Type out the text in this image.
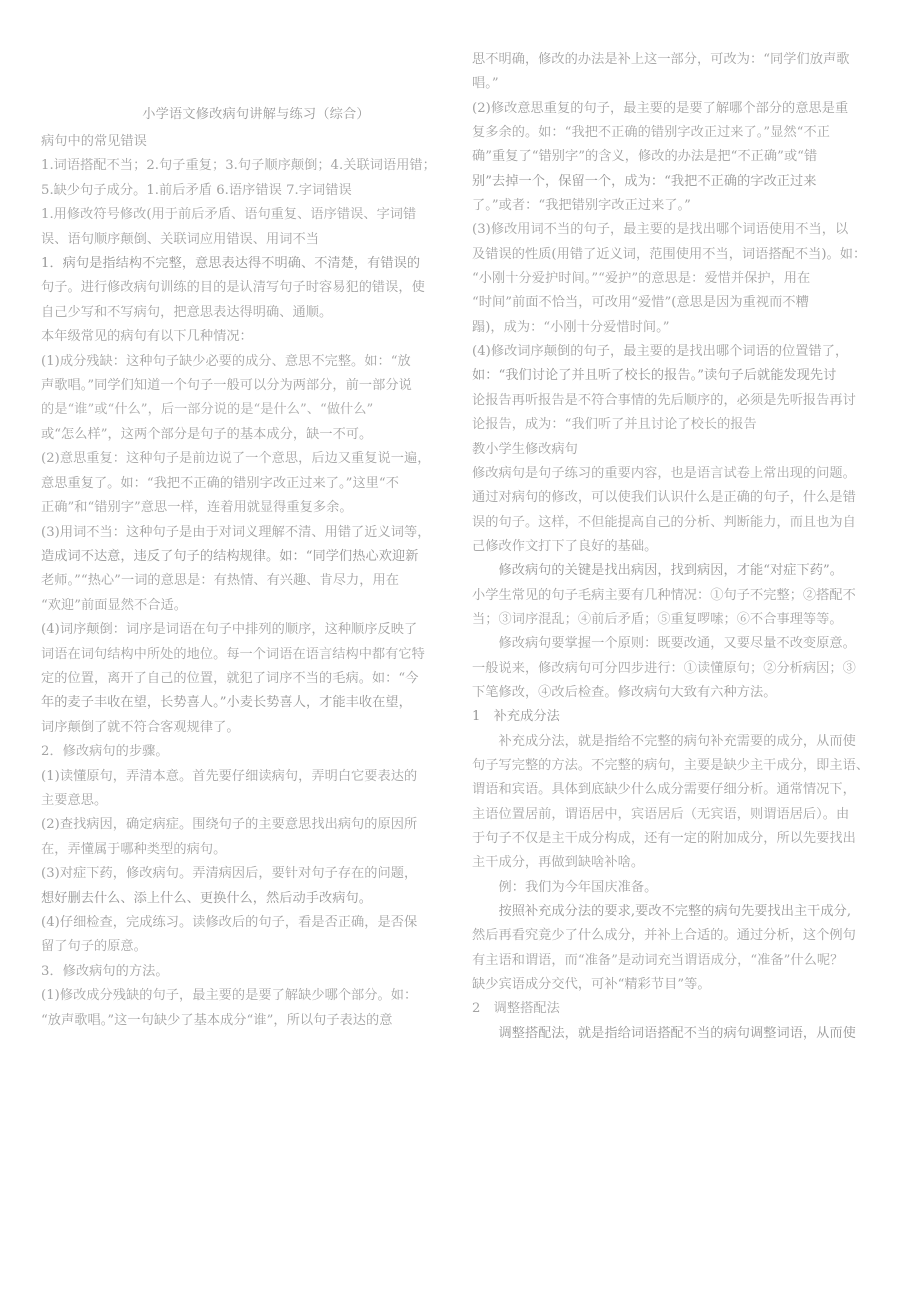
小学语文修改病句讲解与练习（综合）

病句中的常见错误

1.词语搭配不当；2.句子重复；3.句子顺序颠倒；4.关联词语用错；

5.缺少句子成分。1.前后矛盾 6.语序错误 7.字词错误

1.用修改符号修改(用于前后矛盾、语句重复、语序错误、字词错

误、语句顺序颠倒、关联词应用错误、用词不当

1．病句是指结构不完整，意思表达得不明确、不清楚，有错误的

句子。进行修改病句训练的目的是认清写句子时容易犯的错误，使

自己少写和不写病句，把意思表达得明确、通顺。

本年级常见的病句有以下几种情况：

(1)成分残缺：这种句子缺少必要的成分、意思不完整。如：“放

声歌唱。”同学们知道一个句子一般可以分为两部分，前一部分说

的是“谁”或“什么”，后一部分说的是“是什么”、“做什么”

或“怎么样”，这两个部分是句子的基本成分，缺一不可。

(2)意思重复：这种句子是前边说了一个意思，后边又重复说一遍，

意思重复了。如：“我把不正确的错别字改正过来了。”这里“不

正确”和“错别字”意思一样，连着用就显得重复多余。

(3)用词不当：这种句子是由于对词义理解不清、用错了近义词等，

造成词不达意，违反了句子的结构规律。如：“同学们热心欢迎新

老师。”“热心”一词的意思是：有热情、有兴趣、肯尽力，用在

“欢迎”前面显然不合适。

(4)词序颠倒：词序是词语在句子中排列的顺序，这种顺序反映了

词语在词句结构中所处的地位。每一个词语在语言结构中都有它特

定的位置，离开了自己的位置，就犯了词序不当的毛病。如：“今

年的麦子丰收在望，长势喜人。”小麦长势喜人，才能丰收在望，

词序颠倒了就不符合客观规律了。

2．修改病句的步骤。

(1)读懂原句，弄清本意。首先要仔细读病句，弄明白它要表达的

主要意思。

(2)查找病因，确定病症。围绕句子的主要意思找出病句的原因所

在，弄懂属于哪种类型的病句。

(3)对症下药，修改病句。弄清病因后，要针对句子存在的问题，

想好删去什么、添上什么、更换什么，然后动手改病句。

(4)仔细检查，完成练习。读修改后的句子，看是否正确，是否保

留了句子的原意。

3．修改病句的方法。

(1)修改成分残缺的句子，最主要的是要了解缺少哪个部分。如：

“放声歌唱。”这一句缺少了基本成分“谁”，所以句子表达的意

思不明确，修改的办法是补上这一部分，可改为：“同学们放声歌

唱。”

(2)修改意思重复的句子，最主要的是要了解哪个部分的意思是重

复多余的。如：“我把不正确的错别字改正过来了。”显然“不正

确”重复了“错别字”的含义，修改的办法是把“不正确”或“错

别”去掉一个，保留一个，成为：“我把不正确的字改正过来

了。”或者：“我把错别字改正过来了。”

(3)修改用词不当的句子，最主要的是找出哪个词语使用不当，以

及错误的性质(用错了近义词，范围使用不当，词语搭配不当)。如：

“小刚十分爱护时间。”“爱护”的意思是：爱惜并保护，用在

“时间”前面不恰当，可改用“爱惜”(意思是因为重视而不糟

蹋)，成为：“小刚十分爱惜时间。”

(4)修改词序颠倒的句子，最主要的是找出哪个词语的位置错了，

如：“我们讨论了并且听了校长的报告。”读句子后就能发现先讨

论报告再听报告是不符合事情的先后顺序的，必须是先听报告再讨

论报告，成为：“我们听了并且讨论了校长的报告

教小学生修改病句

修改病句是句子练习的重要内容，也是语言试卷上常出现的问题。

通过对病句的修改，可以使我们认识什么是正确的句子，什么是错

误的句子。这样，不但能提高自己的分析、判断能力，而且也为自

己修改作文打下了良好的基础。

　　修改病句的关键是找出病因，找到病因，才能“对症下药”。

小学生常见的句子毛病主要有几种情况：①句子不完整；②搭配不

当；③词序混乱；④前后矛盾；⑤重复啰嗦；⑥不合事理等等。

　　修改病句要掌握一个原则：既要改通，又要尽量不改变原意。

一般说来，修改病句可分四步进行：①读懂原句；②分析病因；③

下笔修改，④改后检查。修改病句大致有六种方法。

1　补充成分法

　　补充成分法，就是指给不完整的病句补充需要的成分，从而使

句子写完整的方法。不完整的病句，主要是缺少主干成分，即主语、

谓语和宾语。具体到底缺少什么成分需要仔细分析。通常情况下，

主语位置居前，谓语居中，宾语居后（无宾语，则谓语居后）。由

于句子不仅是主干成分构成，还有一定的附加成分，所以先要找出

主干成分，再做到缺啥补啥。

　　例：我们为今年国庆准备。

　　按照补充成分法的要求,要改不完整的病句先要找出主干成分,

然后再看究竟少了什么成分，并补上合适的。通过分析，这个例句

有主语和谓语，而“准备”是动词充当谓语成分，“准备”什么呢？

缺少宾语成分交代，可补“精彩节目”等。

2　调整搭配法

　　调整搭配法，就是指给词语搭配不当的病句调整词语，从而使
